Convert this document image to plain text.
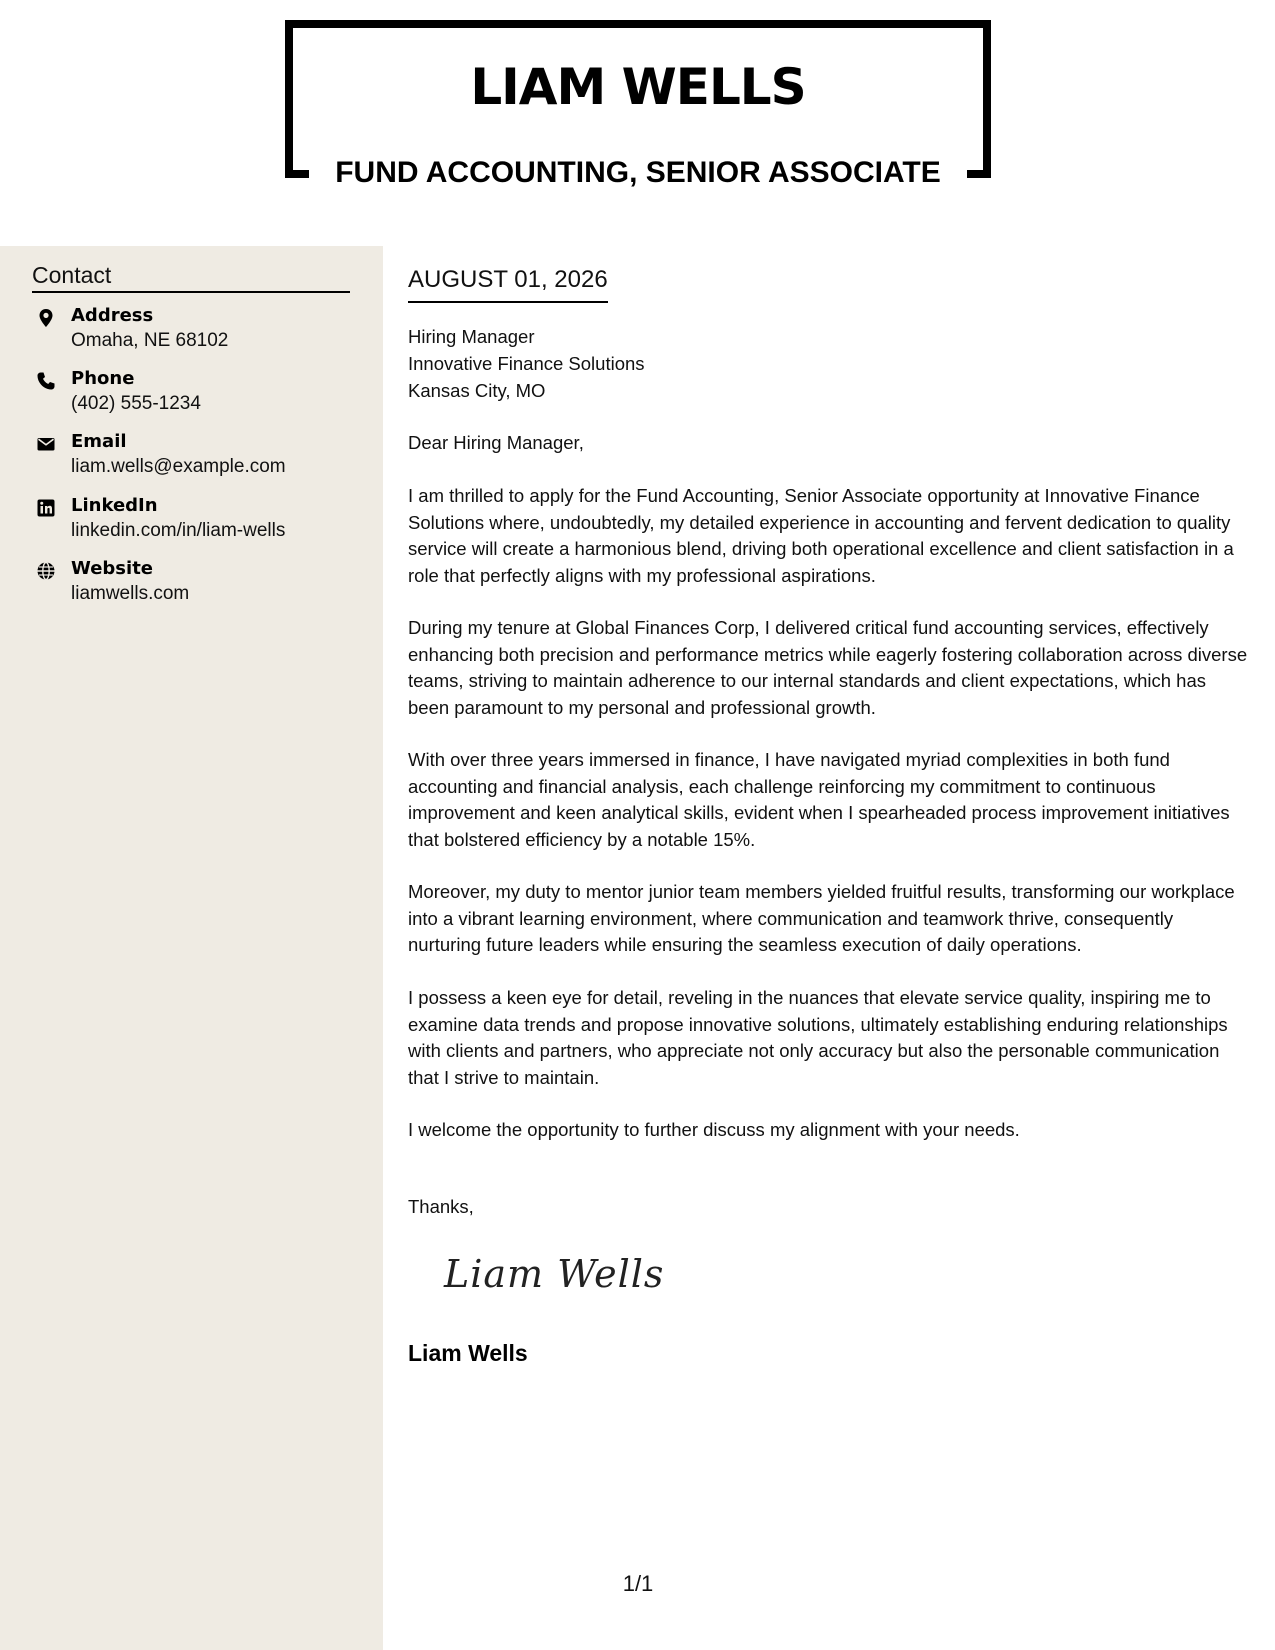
LIAM WELLS
FUND ACCOUNTING, SENIOR ASSOCIATE
Contact
Address
Omaha, NE 68102
Phone
(402) 555-1234
Email
liam.wells@example.com
LinkedIn
linkedin.com/in/liam-wells
Website
liamwells.com
AUGUST 01, 2026
Hiring Manager
Innovative Finance Solutions
Kansas City, MO

Dear Hiring Manager,

I am thrilled to apply for the Fund Accounting, Senior Associate opportunity at Innovative Finance Solutions where, undoubtedly, my detailed experience in accounting and fervent dedication to quality service will create a harmonious blend, driving both operational excellence and client satisfaction in a role that perfectly aligns with my professional aspirations.

During my tenure at Global Finances Corp, I delivered critical fund accounting services, effectively enhancing both precision and performance metrics while eagerly fostering collaboration across diverse teams, striving to maintain adherence to our internal standards and client expectations, which has been paramount to my personal and professional growth.

With over three years immersed in finance, I have navigated myriad complexities in both fund accounting and financial analysis, each challenge reinforcing my commitment to continuous improvement and keen analytical skills, evident when I spearheaded process improvement initiatives that bolstered efficiency by a notable 15%.

Moreover, my duty to mentor junior team members yielded fruitful results, transforming our workplace into a vibrant learning environment, where communication and teamwork thrive, consequently nurturing future leaders while ensuring the seamless execution of daily operations.

I possess a keen eye for detail, reveling in the nuances that elevate service quality, inspiring me to examine data trends and propose innovative solutions, ultimately establishing enduring relationships with clients and partners, who appreciate not only accuracy but also the personable communication that I strive to maintain.

I welcome the opportunity to further discuss my alignment with your needs.

Thanks,

Liam Wells

Liam Wells

1/1
